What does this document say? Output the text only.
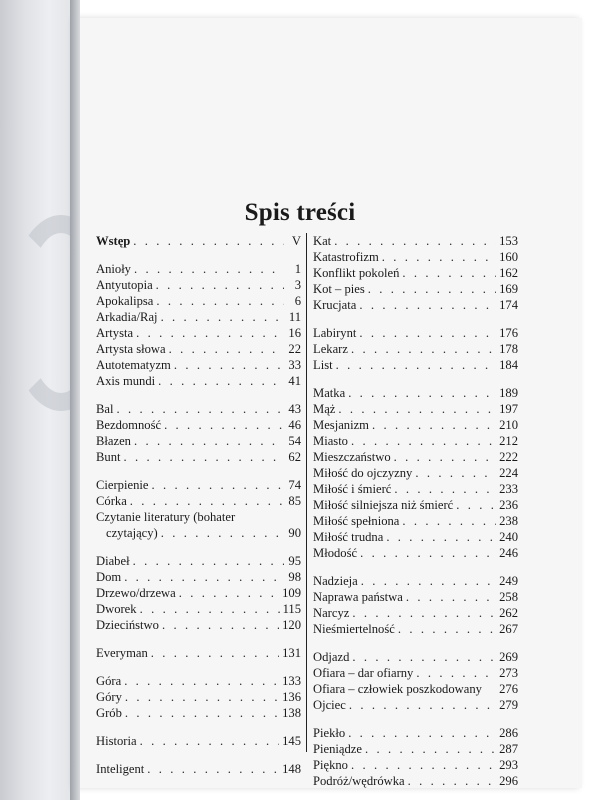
Spis treści
Wstęp . . .	V
Anioły . . .	1
Antyutopia . . .	3
Apokalipsa . . .	6
Arkadia/Raj . . .	11
Artysta . . .	16
Artysta słowa . . .	22
Autotematyzm . . .	33
Axis mundi . . .	41
Bal . . .	43
Bezdomność . . .	46
Błazen . . .	54
Bunt . . .	62
Cierpienie . . .	74
Córka . . .	85
Czytanie literatury (bohater
czytający) . . .	90
Diabeł . . .	95
Dom . . .	98
Drzewo/drzewa . . .	109
Dworek . . .	115
Dzieciństwo . . .	120
Everyman . . .	131
Góra . . .	133
Góry . . .	136
Grób . . .	138
Historia . . .	145
Inteligent . . .	148
Kat . . .	153
Katastrofizm . . .	160
Konflikt pokoleń . . .	162
Kot – pies . . .	169
Krucjata . . .	174
Labirynt . . .	176
Lekarz . . .	178
List . . .	184
Matka . . .	189
Mąż . . .	197
Mesjanizm . . .	210
Miasto . . .	212
Mieszczaństwo . . .	222
Miłość do ojczyzny . . .	224
Miłość i śmierć . . .	233
Miłość silniejsza niż śmierć . . .	236
Miłość spełniona . . .	238
Miłość trudna . . .	240
Młodość . . .	246
Nadzieja . . .	249
Naprawa państwa . . .	258
Narcyz . . .	262
Nieśmiertelność . . .	267
Odjazd . . .	269
Ofiara – dar ofiarny . . .	273
Ofiara – człowiek poszkodowany 276
Ojciec . . .	279
Piekło . . .	286
Pieniądze . . .	287
Piękno . . .	293
Podróż/wędrówka . . .	296
